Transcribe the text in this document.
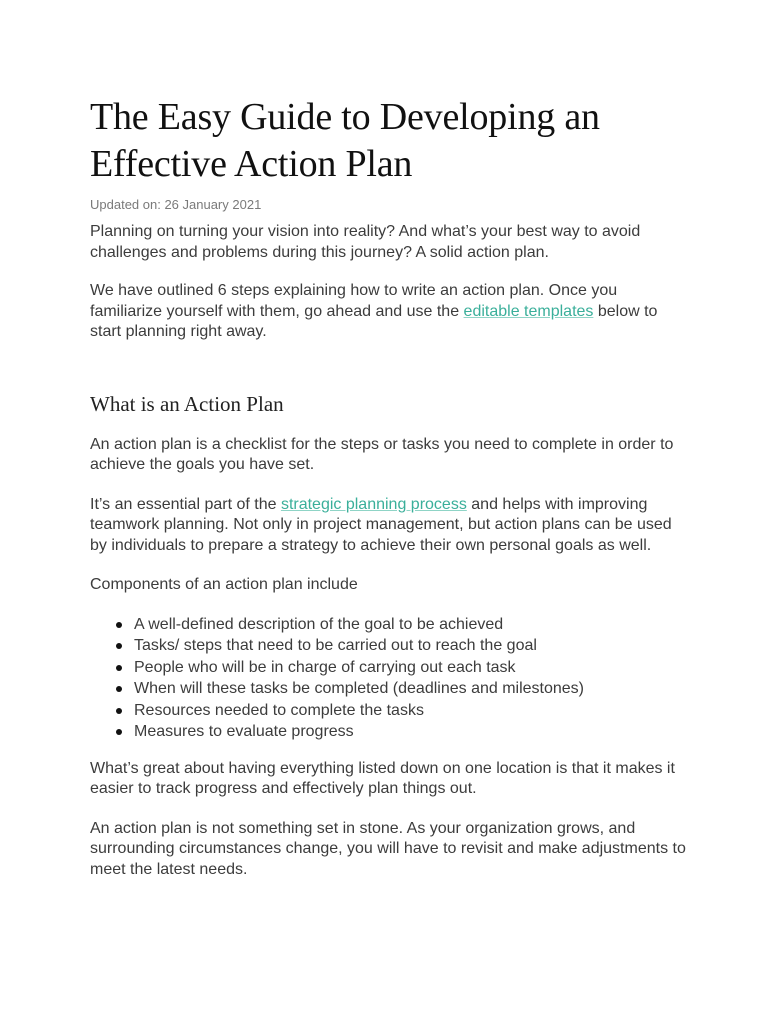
The Easy Guide to Developing an
Effective Action Plan
Updated on: 26 January 2021

Planning on turning your vision into reality? And what’s your best way to avoid challenges and problems during this journey? A solid action plan.

We have outlined 6 steps explaining how to write an action plan. Once you familiarize yourself with them, go ahead and use the editable templates below to start planning right away.

What is an Action Plan

An action plan is a checklist for the steps or tasks you need to complete in order to achieve the goals you have set.

It’s an essential part of the strategic planning process and helps with improving teamwork planning. Not only in project management, but action plans can be used by individuals to prepare a strategy to achieve their own personal goals as well.

Components of an action plan include

A well-defined description of the goal to be achieved
Tasks/ steps that need to be carried out to reach the goal
People who will be in charge of carrying out each task
When will these tasks be completed (deadlines and milestones)
Resources needed to complete the tasks
Measures to evaluate progress

What’s great about having everything listed down on one location is that it makes it easier to track progress and effectively plan things out.

An action plan is not something set in stone. As your organization grows, and surrounding circumstances change, you will have to revisit and make adjustments to meet the latest needs.
